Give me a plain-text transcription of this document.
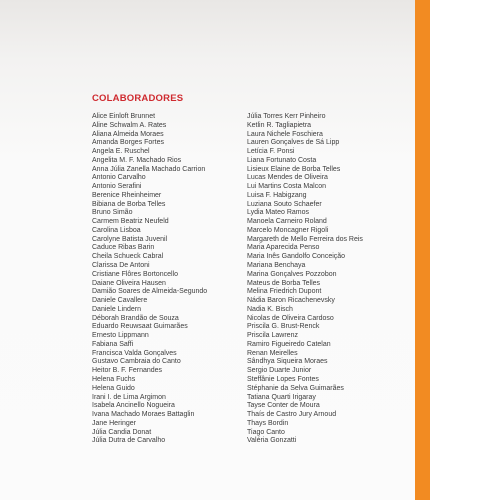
COLABORADORES
Alice Einloft Brunnet
Aline Schwalm A. Rates
Aliana Almeida Moraes
Amanda Borges Fortes
Angela E. Ruschel
Angelita M. F. Machado Rios
Anna Júlia Zanella Machado Carrion
Antonio Carvalho
Antonio Serafini
Berenice Rheinheimer
Bibiana de Borba Telles
Bruno Simão
Carmem Beatriz Neufeld
Carolina Lisboa
Carolyne Batista Juvenil
Caduce Ribas Barin
Cheila Schueck Cabral
Clarissa De Antoni
Cristiane Flôres Bortoncello
Daiane Oliveira Hausen
Damião Soares de Almeida-Segundo
Daniele Cavallere
Daniele Lindern
Déborah Brandão de Souza
Eduardo Reuwsaat Guimarães
Ernesto Lippmann
Fabiana Saffi
Francisca Valda Gonçalves
Gustavo Cambraia do Canto
Heitor B. F. Fernandes
Helena Fuchs
Helena Guido
Irani I. de Lima Argimon
Isabela Ancinello Nogueira
Ivana Machado Moraes Battaglin
Jane Heringer
Júlia Candia Donat
Júlia Dutra de Carvalho
Júlia Torres Kerr Pinheiro
Ketlin R. Tagliapietra
Laura Nichele Foschiera
Lauren Gonçalves de Sá Lipp
Letícia F. Ponsi
Liana Fortunato Costa
Lisieux Elaine de Borba Telles
Lucas Mendes de Oliveira
Lui Martins Costa Malcon
Luisa F. Habigzang
Luziana Souto Schaefer
Lydia Mateo Ramos
Manoela Carneiro Roland
Marcelo Moncagner Rigoli
Margareth de Mello Ferreira dos Reis
Maria Aparecida Penso
Maria Inês Gandolfo Conceição
Mariana Benchaya
Marina Gonçalves Pozzobon
Mateus de Borba Telles
Melina Friedrich Dupont
Nádia Baron Ricachenevsky
Nadia K. Bisch
Nicolas de Oliveira Cardoso
Priscila G. Brust-Renck
Priscila Lawrenz
Ramiro Figueiredo Catelan
Renan Meirelles
Sândhya Siqueira Moraes
Sergio Duarte Junior
Steffânie Lopes Fontes
Stéphanie da Selva Guimarães
Tatiana Quarti Irigaray
Tayse Conter de Moura
Thaís de Castro Jury Arnoud
Thays Bordin
Tiago Canto
Valéria Gonzatti
